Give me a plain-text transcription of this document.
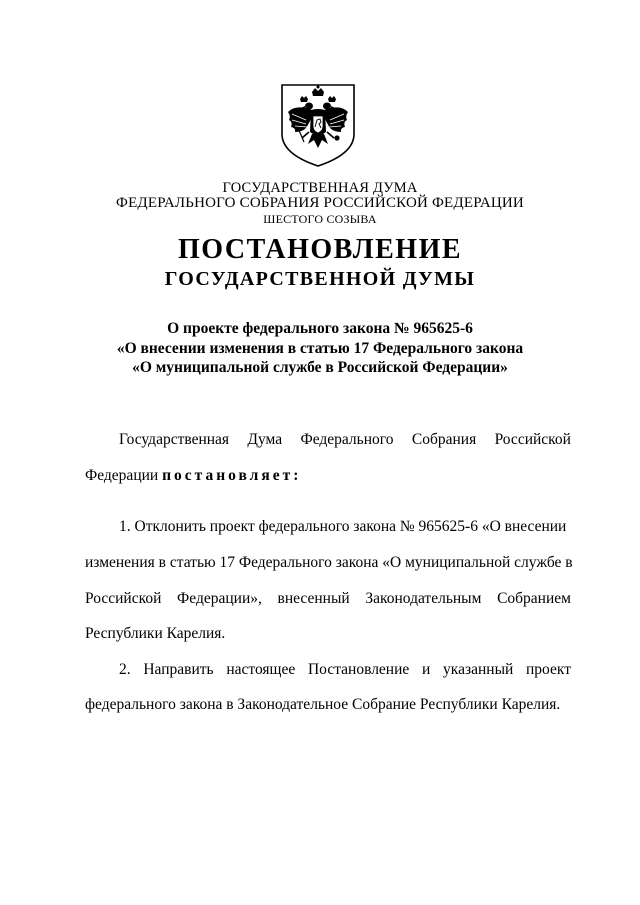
ГОСУДАРСТВЕННАЯ ДУМА
ФЕДЕРАЛЬНОГО СОБРАНИЯ РОССИЙСКОЙ ФЕДЕРАЦИИ
ШЕСТОГО СОЗЫВА
ПОСТАНОВЛЕНИЕ
ГОСУДАРСТВЕННОЙ ДУМЫ
О проекте федерального закона № 965625-6
«О внесении изменения в статью 17 Федерального закона
«О муниципальной службе в Российской Федерации»
Государственная Дума Федерального Собрания Российской
Федерации постановляет:
1. Отклонить проект федерального закона № 965625-6 «О внесении
изменения в статью 17 Федерального закона «О муниципальной службе в
Российской Федерации», внесенный Законодательным Собранием
Республики Карелия.
2. Направить настоящее Постановление и указанный проект
федерального закона в Законодательное Собрание Республики Карелия.
